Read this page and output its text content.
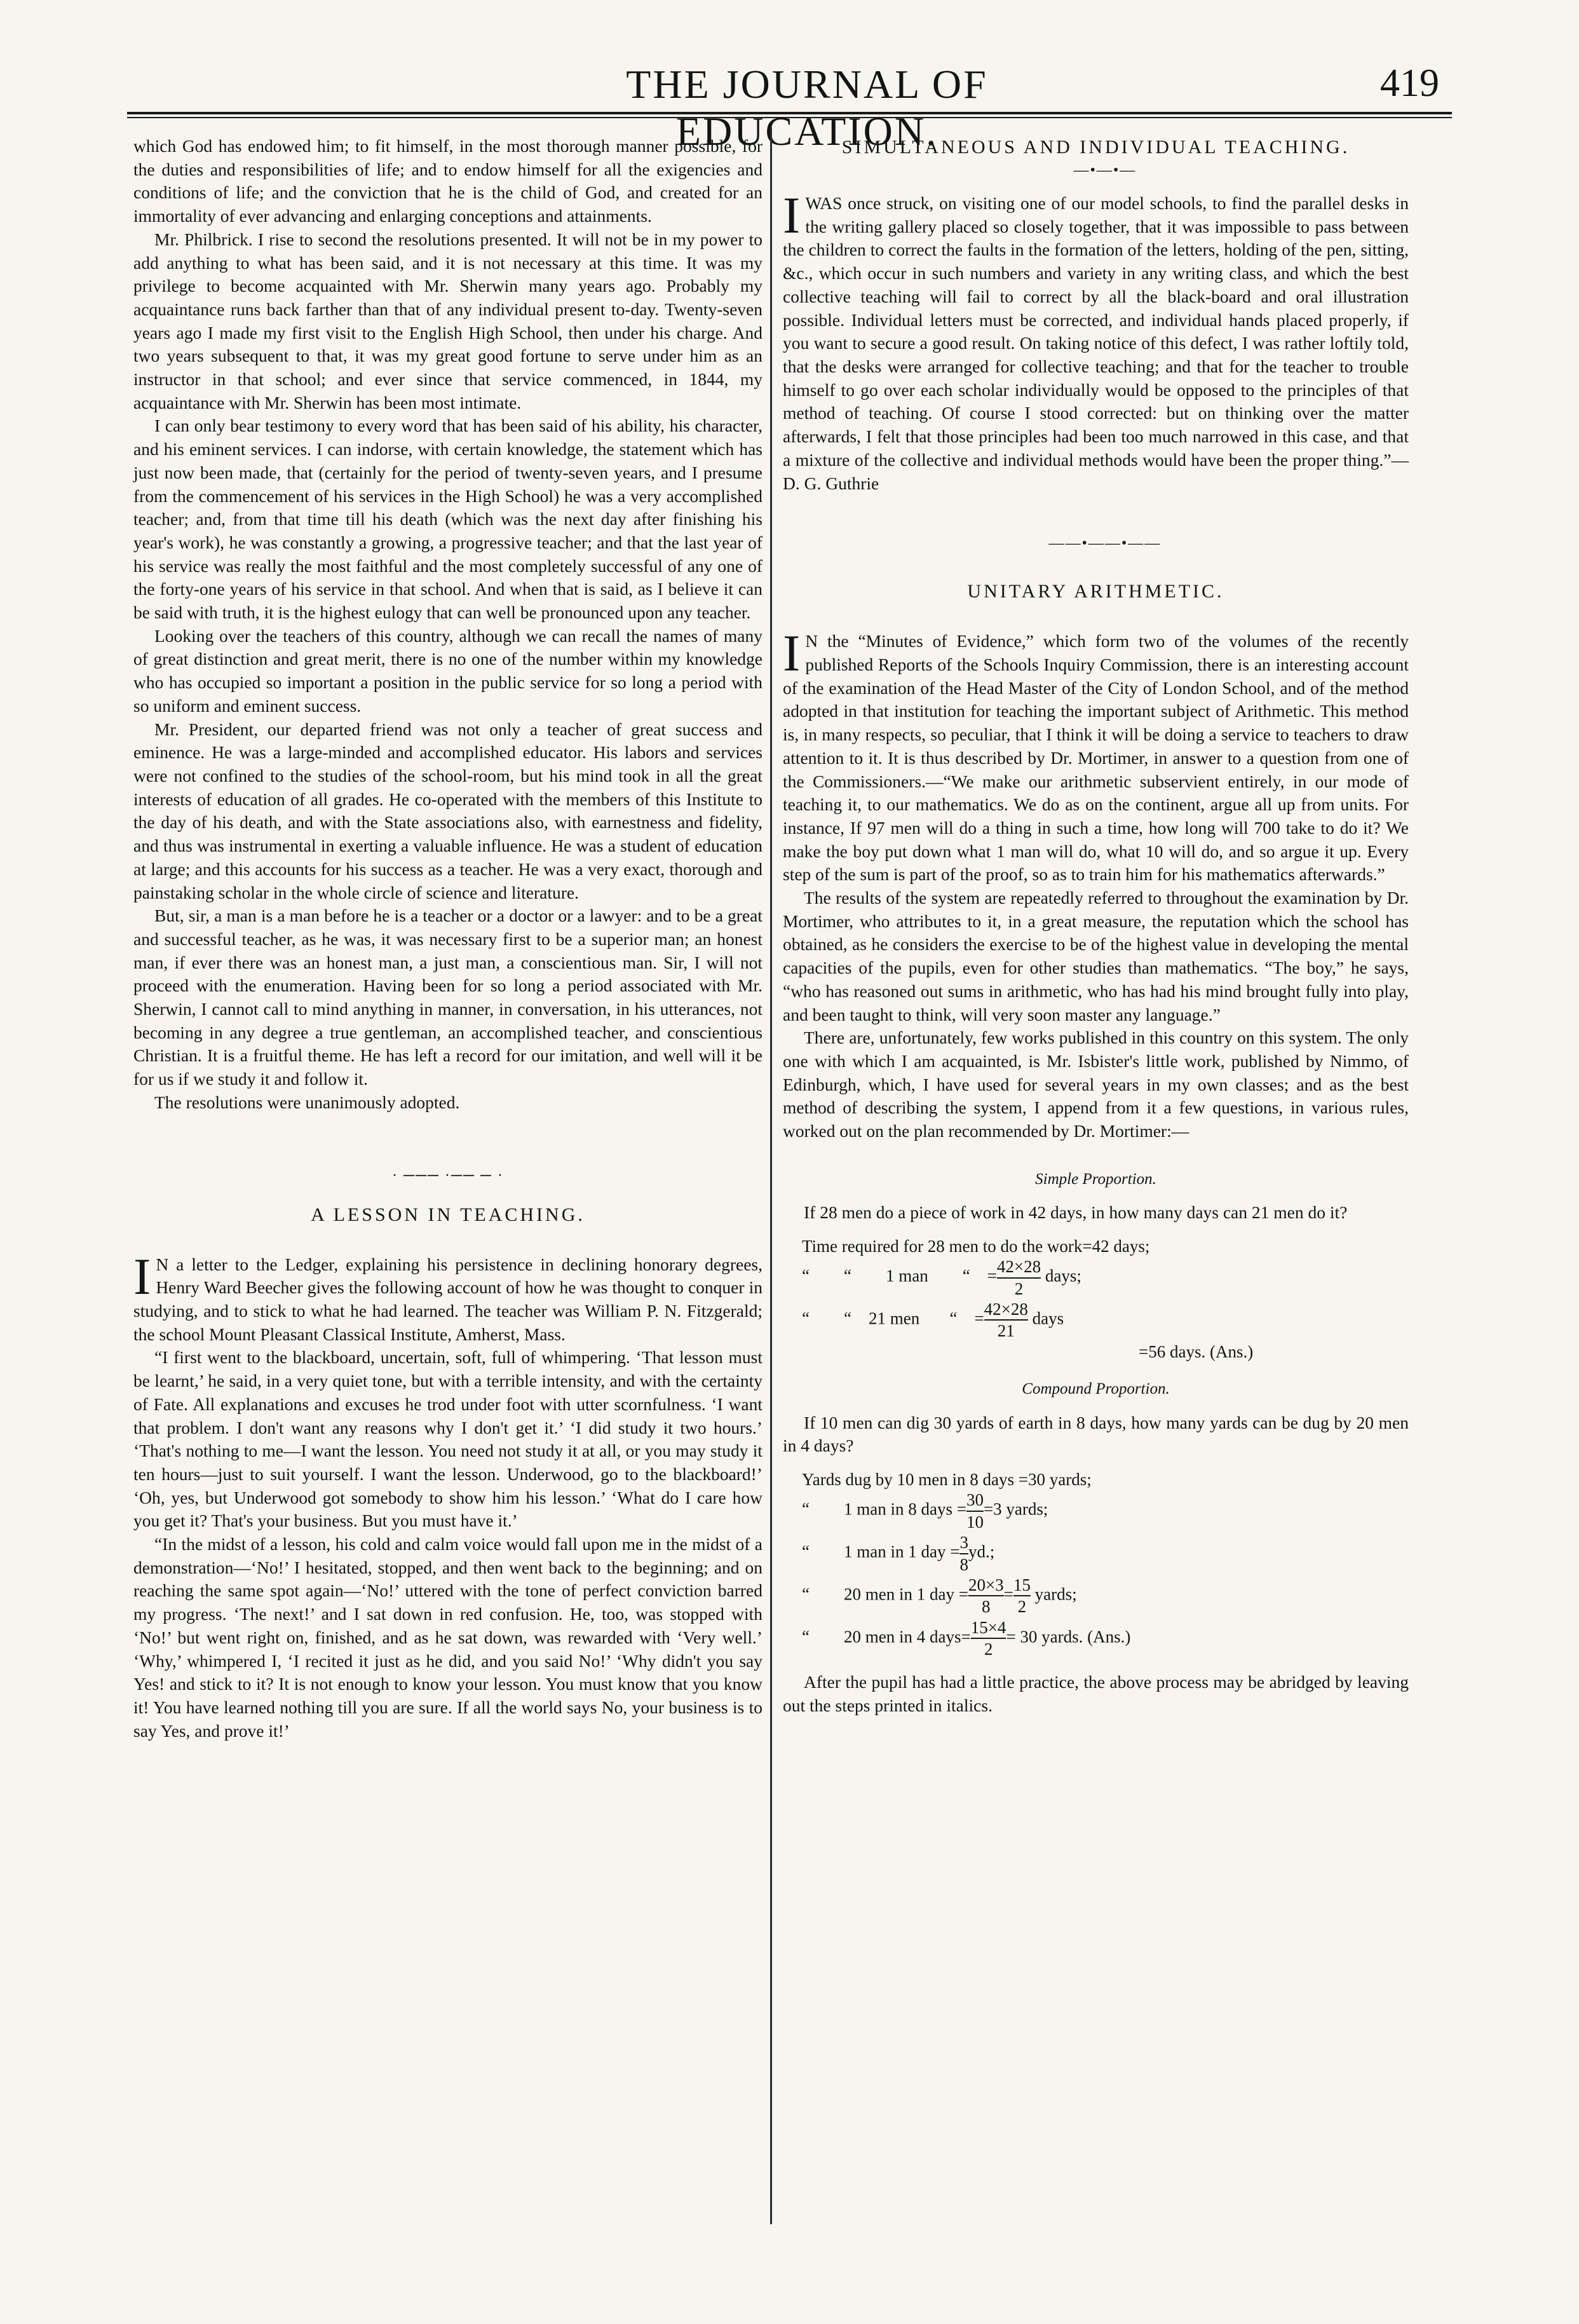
THE JOURNAL OF EDUCATION.
419

which God has endowed him; to fit himself, in the most thorough manner possible, for the duties and responsibilities of life; and to endow himself for all the exigencies and conditions of life; and the conviction that he is the child of God, and created for an immortality of ever advancing and enlarging conceptions and attainments.

Mr. Philbrick. I rise to second the resolutions presented. It will not be in my power to add anything to what has been said, and it is not necessary at this time. It was my privilege to become acquainted with Mr. Sherwin many years ago. Probably my acquaintance runs back farther than that of any individual present to-day. Twenty-seven years ago I made my first visit to the English High School, then under his charge. And two years subsequent to that, it was my great good fortune to serve under him as an instructor in that school; and ever since that service commenced, in 1844, my acquaintance with Mr. Sherwin has been most intimate.

I can only bear testimony to every word that has been said of his ability, his character, and his eminent services. I can indorse, with certain knowledge, the statement which has just now been made, that (certainly for the period of twenty-seven years, and I presume from the commencement of his services in the High School) he was a very accomplished teacher; and, from that time till his death (which was the next day after finishing his year's work), he was constantly a growing, a progressive teacher; and that the last year of his service was really the most faithful and the most completely successful of any one of the forty-one years of his service in that school. And when that is said, as I believe it can be said with truth, it is the highest eulogy that can well be pronounced upon any teacher.

Looking over the teachers of this country, although we can recall the names of many of great distinction and great merit, there is no one of the number within my knowledge who has occupied so important a position in the public service for so long a period with so uniform and eminent success.

Mr. President, our departed friend was not only a teacher of great success and eminence. He was a large-minded and accomplished educator. His labors and services were not confined to the studies of the school-room, but his mind took in all the great interests of education of all grades. He co-operated with the members of this Institute to the day of his death, and with the State associations also, with earnestness and fidelity, and thus was instrumental in exerting a valuable influence. He was a student of education at large; and this accounts for his success as a teacher. He was a very exact, thorough and painstaking scholar in the whole circle of science and literature.

But, sir, a man is a man before he is a teacher or a doctor or a lawyer: and to be a great and successful teacher, as he was, it was necessary first to be a superior man; an honest man, if ever there was an honest man, a just man, a conscientious man. Sir, I will not proceed with the enumeration. Having been for so long a period associated with Mr. Sherwin, I cannot call to mind anything in manner, in conversation, in his utterances, not becoming in any degree a true gentleman, an accomplished teacher, and conscientious Christian. It is a fruitful theme. He has left a record for our imitation, and well will it be for us if we study it and follow it.

The resolutions were unanimously adopted.

· ─── ·── ─ ·

A LESSON IN TEACHING.

I N a letter to the Ledger, explaining his persistence in declining honorary degrees, Henry Ward Beecher gives the following account of how he was thought to conquer in studying, and to stick to what he had learned. The teacher was William P. N. Fitzgerald; the school Mount Pleasant Classical Institute, Amherst, Mass.

“I first went to the blackboard, uncertain, soft, full of whimpering. ‘That lesson must be learnt,’ he said, in a very quiet tone, but with a terrible intensity, and with the certainty of Fate. All explanations and excuses he trod under foot with utter scornfulness. ‘I want that problem. I don't want any reasons why I don't get it.’ ‘I did study it two hours.’ ‘That's nothing to me—I want the lesson. You need not study it at all, or you may study it ten hours—just to suit yourself. I want the lesson. Underwood, go to the blackboard!’ ‘Oh, yes, but Underwood got somebody to show him his lesson.’ ‘What do I care how you get it? That's your business. But you must have it.’

“In the midst of a lesson, his cold and calm voice would fall upon me in the midst of a demonstration—‘No!’ I hesitated, stopped, and then went back to the beginning; and on reaching the same spot again—‘No!’ uttered with the tone of perfect conviction barred my progress. ‘The next!’ and I sat down in red confusion. He, too, was stopped with ‘No!’ but went right on, finished, and as he sat down, was rewarded with ‘Very well.’ ‘Why,’ whimpered I, ‘I recited it just as he did, and you said No!’ ‘Why didn't you say Yes! and stick to it? It is not enough to know your lesson. You must know that you know it! You have learned nothing till you are sure. If all the world says No, your business is to say Yes, and prove it!’

SIMULTANEOUS AND INDIVIDUAL TEACHING.

—•—•—

I WAS once struck, on visiting one of our model schools, to find the parallel desks in the writing gallery placed so closely together, that it was impossible to pass between the children to correct the faults in the formation of the letters, holding of the pen, sitting, &c., which occur in such numbers and variety in any writing class, and which the best collective teaching will fail to correct by all the black-board and oral illustration possible. Individual letters must be corrected, and individual hands placed properly, if you want to secure a good result. On taking notice of this defect, I was rather loftily told, that the desks were arranged for collective teaching; and that for the teacher to trouble himself to go over each scholar individually would be opposed to the principles of that method of teaching. Of course I stood corrected: but on thinking over the matter afterwards, I felt that those principles had been too much narrowed in this case, and that a mixture of the collective and individual methods would have been the proper thing.”—D. G. Guthrie

——•——•——

UNITARY ARITHMETIC.

I N the “Minutes of Evidence,” which form two of the volumes of the recently published Reports of the Schools Inquiry Commission, there is an interesting account of the examination of the Head Master of the City of London School, and of the method adopted in that institution for teaching the important subject of Arithmetic. This method is, in many respects, so peculiar, that I think it will be doing a service to teachers to draw attention to it. It is thus described by Dr. Mortimer, in answer to a question from one of the Commissioners.—“We make our arithmetic subservient entirely, in our mode of teaching it, to our mathematics. We do as on the continent, argue all up from units. For instance, If 97 men will do a thing in such a time, how long will 700 take to do it? We make the boy put down what 1 man will do, what 10 will do, and so argue it up. Every step of the sum is part of the proof, so as to train him for his mathematics afterwards.”

The results of the system are repeatedly referred to throughout the examination by Dr. Mortimer, who attributes to it, in a great measure, the reputation which the school has obtained, as he considers the exercise to be of the highest value in developing the mental capacities of the pupils, even for other studies than mathematics. “The boy,” he says, “who has reasoned out sums in arithmetic, who has had his mind brought fully into play, and been taught to think, will very soon master any language.”

There are, unfortunately, few works published in this country on this system. The only one with which I am acquainted, is Mr. Isbister's little work, published by Nimmo, of Edinburgh, which, I have used for several years in my own classes; and as the best method of describing the system, I append from it a few questions, in various rules, worked out on the plan recommended by Dr. Mortimer:—

Simple Proportion.

If 28 men do a piece of work in 42 days, in how many days can 21 men do it?

Time required for 28 men to do the work=42 days;

“        “        1 man        “    = $\frac{42\times 28}{2}$ days;

“        “    21 men       “    = $\frac{42\times 28}{21}$ days

=56 days. (Ans.)

Compound Proportion.

If 10 men can dig 30 yards of earth in 8 days, how many yards can be dug by 20 men in 4 days?

Yards dug by 10 men in 8 days =30 yards;

“        1 man in 8 days = $\frac{30}{10} =3$ yards;

“        1 man in 1 day = $\frac{3}{8}$ yd.;

“        20 men in 1 day = $\frac{20\times 3}{8} = \frac{15}{2}$ yards;

“        20 men in 4 days= $\frac{15\times 4}{2} = 30$ yards. (Ans.)

After the pupil has had a little practice, the above process may be abridged by leaving out the steps printed in italics.
